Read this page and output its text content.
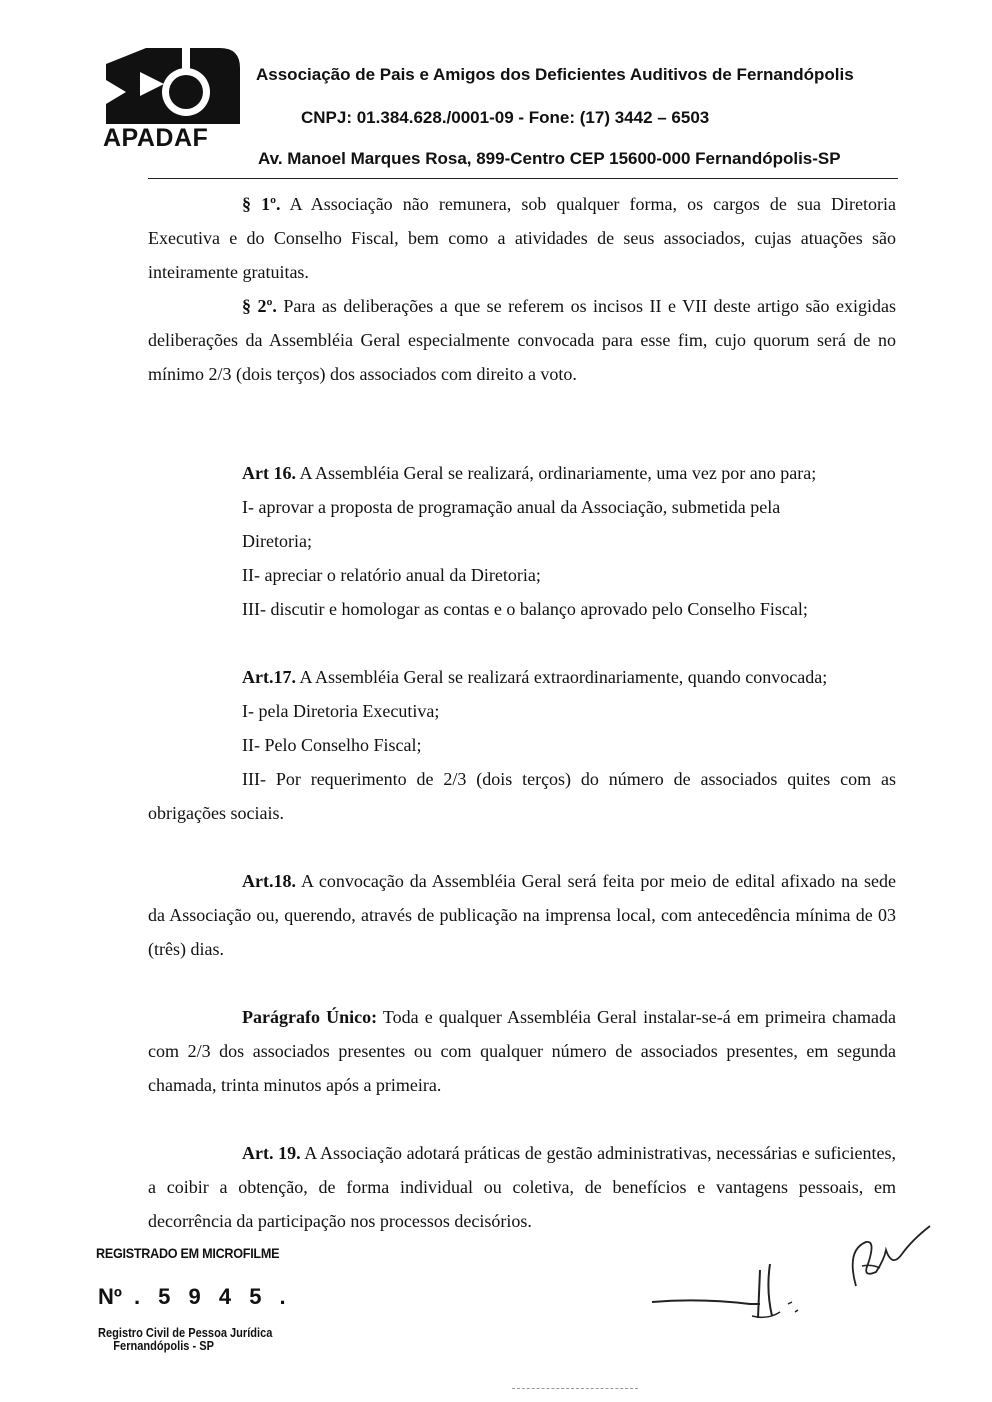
APADAF
Associação de Pais e Amigos dos Deficientes Auditivos de Fernandópolis
CNPJ: 01.384.628./0001-09 - Fone: (17) 3442 – 6503
Av. Manoel Marques Rosa, 899-Centro CEP 15600-000 Fernandópolis-SP

§ 1º. A Associação não remunera, sob qualquer forma, os cargos de sua Diretoria Executiva e do Conselho Fiscal, bem como a atividades de seus associados, cujas atuações são inteiramente gratuitas.

§ 2º. Para as deliberações a que se referem os incisos II e VII deste artigo são exigidas deliberações da Assembléia Geral especialmente convocada para esse fim, cujo quorum será de no mínimo 2/3 (dois terços) dos associados com direito a voto.

Art 16. A Assembléia Geral se realizará, ordinariamente, uma vez por ano para;

I- aprovar a proposta de programação anual da Associação, submetida pela

Diretoria;

II- apreciar o relatório anual da Diretoria;

III- discutir e homologar as contas e o balanço aprovado pelo Conselho Fiscal;

Art.17. A Assembléia Geral se realizará extraordinariamente, quando convocada;

I- pela Diretoria Executiva;

II- Pelo Conselho Fiscal;

III- Por requerimento de 2/3 (dois terços) do número de associados quites com as obrigações sociais.

Art.18. A convocação da Assembléia Geral será feita por meio de edital afixado na sede da Associação ou, querendo, através de publicação na imprensa local, com antecedência mínima de 03 (três) dias.

Parágrafo Único: Toda e qualquer Assembléia Geral instalar-se-á em primeira chamada com 2/3 dos associados presentes ou com qualquer número de associados presentes, em segunda chamada, trinta minutos após a primeira.

Art. 19. A Associação adotará práticas de gestão administrativas, necessárias e suficientes, a coibir a obtenção, de forma individual ou coletiva, de benefícios e vantagens pessoais, em decorrência da participação nos processos decisórios.

REGISTRADO EM MICROFILME
Nº . 5 9 4 5 .
Registro Civil de Pessoa Jurídica
Fernandópolis - SP
